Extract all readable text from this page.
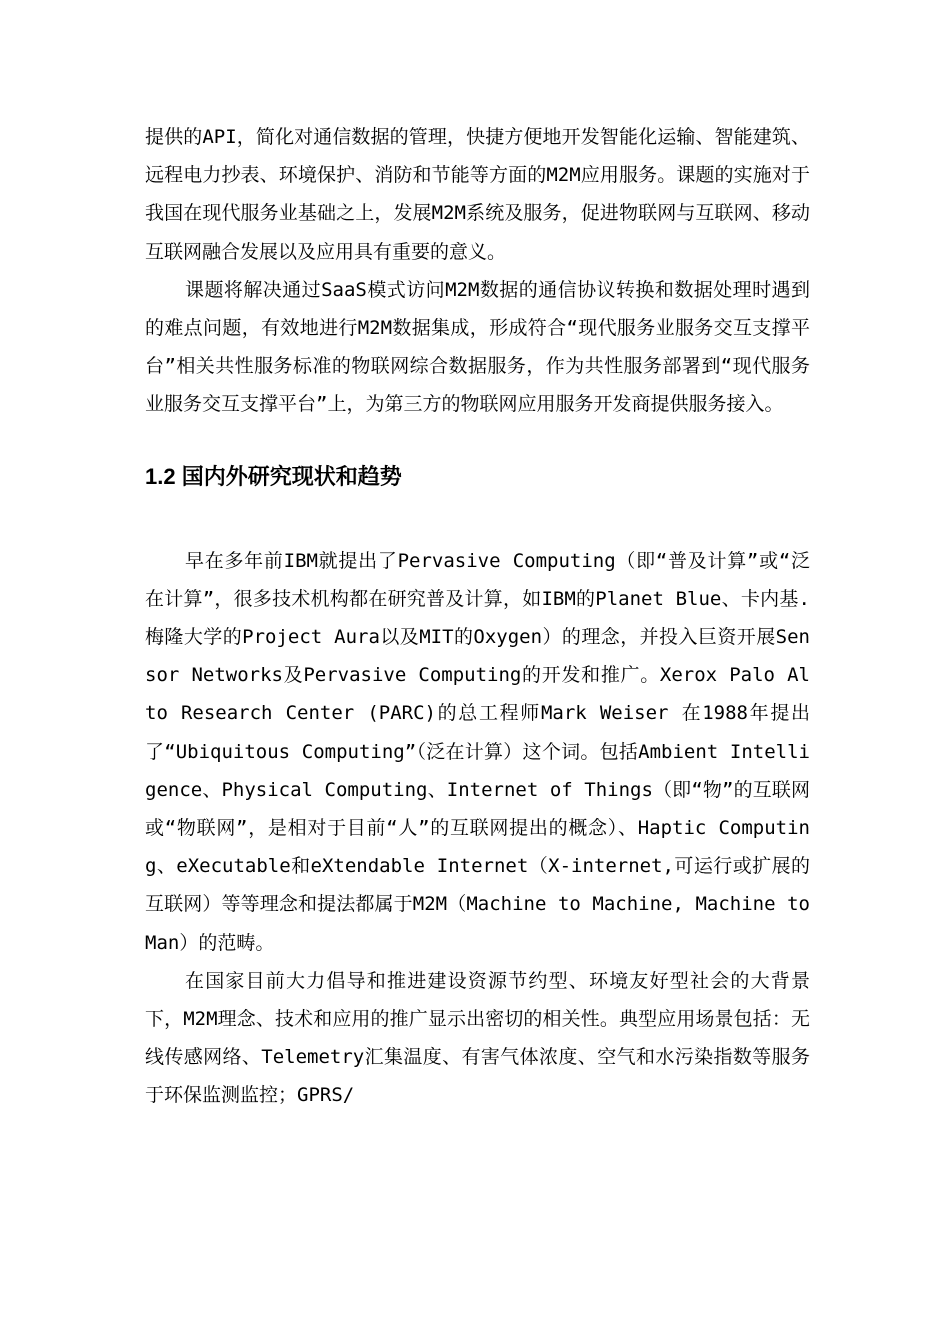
提供的API，简化对通信数据的管理，快捷方便地开发智能化运输、智能建筑、远程电力抄表、环境保护、消防和节能等方面的M2M应用服务。课题的实施对于我国在现代服务业基础之上，发展M2M系统及服务，促进物联网与互联网、移动互联网融合发展以及应用具有重要的意义。

课题将解决通过SaaS模式访问M2M数据的通信协议转换和数据处理时遇到的难点问题，有效地进行M2M数据集成，形成符合“现代服务业服务交互支撑平台”相关共性服务标准的物联网综合数据服务，作为共性服务部署到“现代服务业服务交互支撑平台”上，为第三方的物联网应用服务开发商提供服务接入。

1.2 国内外研究现状和趋势

早在多年前IBM就提出了Pervasive Computing（即“普及计算”或“泛在计算”，很多技术机构都在研究普及计算，如IBM的Planet Blue、卡内基.梅隆大学的Project Aura以及MIT的Oxygen）的理念，并投入巨资开展Sensor Networks及Pervasive Computing的开发和推广。Xerox Palo Alto Research Center (PARC)的总工程师Mark Weiser 在1988年提出了“Ubiquitous Computing”（泛在计算）这个词。包括Ambient Intelligence、Physical Computing、Internet of Things（即“物”的互联网或“物联网”，是相对于目前“人”的互联网提出的概念）、Haptic Computing、eXecutable和eXtendable Internet（X-internet,可运行或扩展的互联网）等等理念和提法都属于M2M（Machine to Machine, Machine to Man）的范畴。

在国家目前大力倡导和推进建设资源节约型、环境友好型社会的大背景下，M2M理念、技术和应用的推广显示出密切的相关性。典型应用场景包括：无线传感网络、Telemetry汇集温度、有害气体浓度、空气和水污染指数等服务于环保监测监控；GPRS/
